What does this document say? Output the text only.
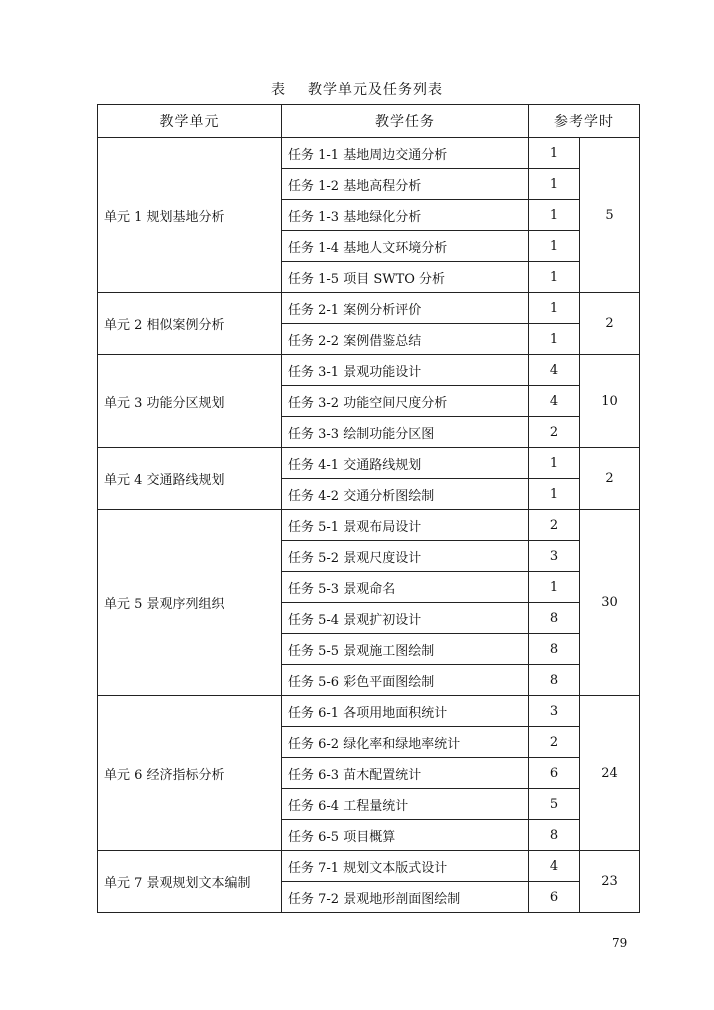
表 教学单元及任务列表
教学单元	教学任务	参考学时	
单元 1 规划基地分析	任务 1-1 基地周边交通分析	1	5
	任务 1-2 基地高程分析	1	
	任务 1-3 基地绿化分析	1	
	任务 1-4 基地人文环境分析	1	
	任务 1-5 项目 SWTO 分析	1	
单元 2 相似案例分析	任务 2-1 案例分析评价	1	2
	任务 2-2 案例借鉴总结	1	
单元 3 功能分区规划	任务 3-1 景观功能设计	4	10
	任务 3-2 功能空间尺度分析	4	
	任务 3-3 绘制功能分区图	2	
单元 4 交通路线规划	任务 4-1 交通路线规划	1	2
	任务 4-2 交通分析图绘制	1	
单元 5 景观序列组织	任务 5-1 景观布局设计	2	30
	任务 5-2 景观尺度设计	3	
	任务 5-3 景观命名	1	
	任务 5-4 景观扩初设计	8	
	任务 5-5 景观施工图绘制	8	
	任务 5-6 彩色平面图绘制	8	
单元 6 经济指标分析	任务 6-1 各项用地面积统计	3	24
	任务 6-2 绿化率和绿地率统计	2	
	任务 6-3 苗木配置统计	6	
	任务 6-4 工程量统计	5	
	任务 6-5 项目概算	8	
单元 7 景观规划文本编制	任务 7-1 规划文本版式设计	4	23
	任务 7-2 景观地形剖面图绘制	6	
79
